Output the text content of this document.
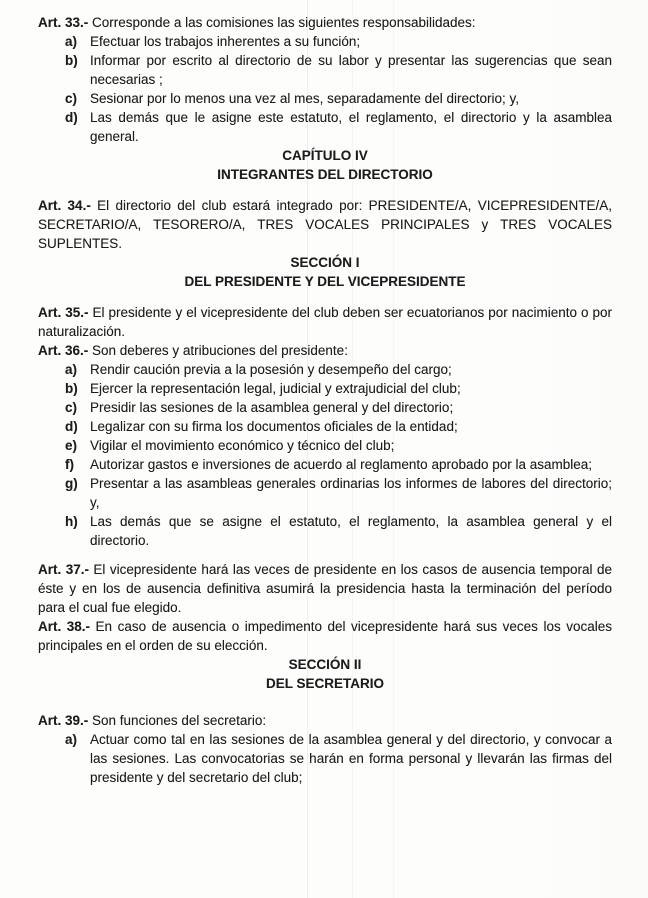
Art. 33.- Corresponde a las comisiones las siguientes responsabilidades:

a) Efectuar los trabajos inherentes a su función;
b) Informar por escrito al directorio de su labor y presentar las sugerencias que sean necesarias ;
c) Sesionar por lo menos una vez al mes, separadamente del directorio; y,
d) Las demás que le asigne este estatuto, el reglamento, el directorio y la asamblea general.
CAPÍTULO IV
INTEGRANTES DEL DIRECTORIO

Art. 34.- El directorio del club estará integrado por: PRESIDENTE/A, VICEPRESIDENTE/A, SECRETARIO/A, TESORERO/A, TRES VOCALES PRINCIPALES y TRES VOCALES SUPLENTES.

SECCIÓN I
DEL PRESIDENTE Y DEL VICEPRESIDENTE

Art. 35.- El presidente y el vicepresidente del club deben ser ecuatorianos por nacimiento o por naturalización.

Art. 36.- Son deberes y atribuciones del presidente:

a) Rendir caución previa a la posesión y desempeño del cargo;
b) Ejercer la representación legal, judicial y extrajudicial del club;
c) Presidir las sesiones de la asamblea general y del directorio;
d) Legalizar con su firma los documentos oficiales de la entidad;
e) Vigilar el movimiento económico y técnico del club;
f) Autorizar gastos e inversiones de acuerdo al reglamento aprobado por la asamblea;
g) Presentar a las asambleas generales ordinarias los informes de labores del directorio; y,
h) Las demás que se asigne el estatuto, el reglamento, la asamblea general y el directorio.

Art. 37.- El vicepresidente hará las veces de presidente en los casos de ausencia temporal de éste y en los de ausencia definitiva asumirá la presidencia hasta la terminación del período para el cual fue elegido.

Art. 38.- En caso de ausencia o impedimento del vicepresidente hará sus veces los vocales principales en el orden de su elección.

SECCIÓN II
DEL SECRETARIO

Art. 39.- Son funciones del secretario:

a) Actuar como tal en las sesiones de la asamblea general y del directorio, y convocar a las sesiones. Las convocatorias se harán en forma personal y llevarán las firmas del presidente y del secretario del club;
